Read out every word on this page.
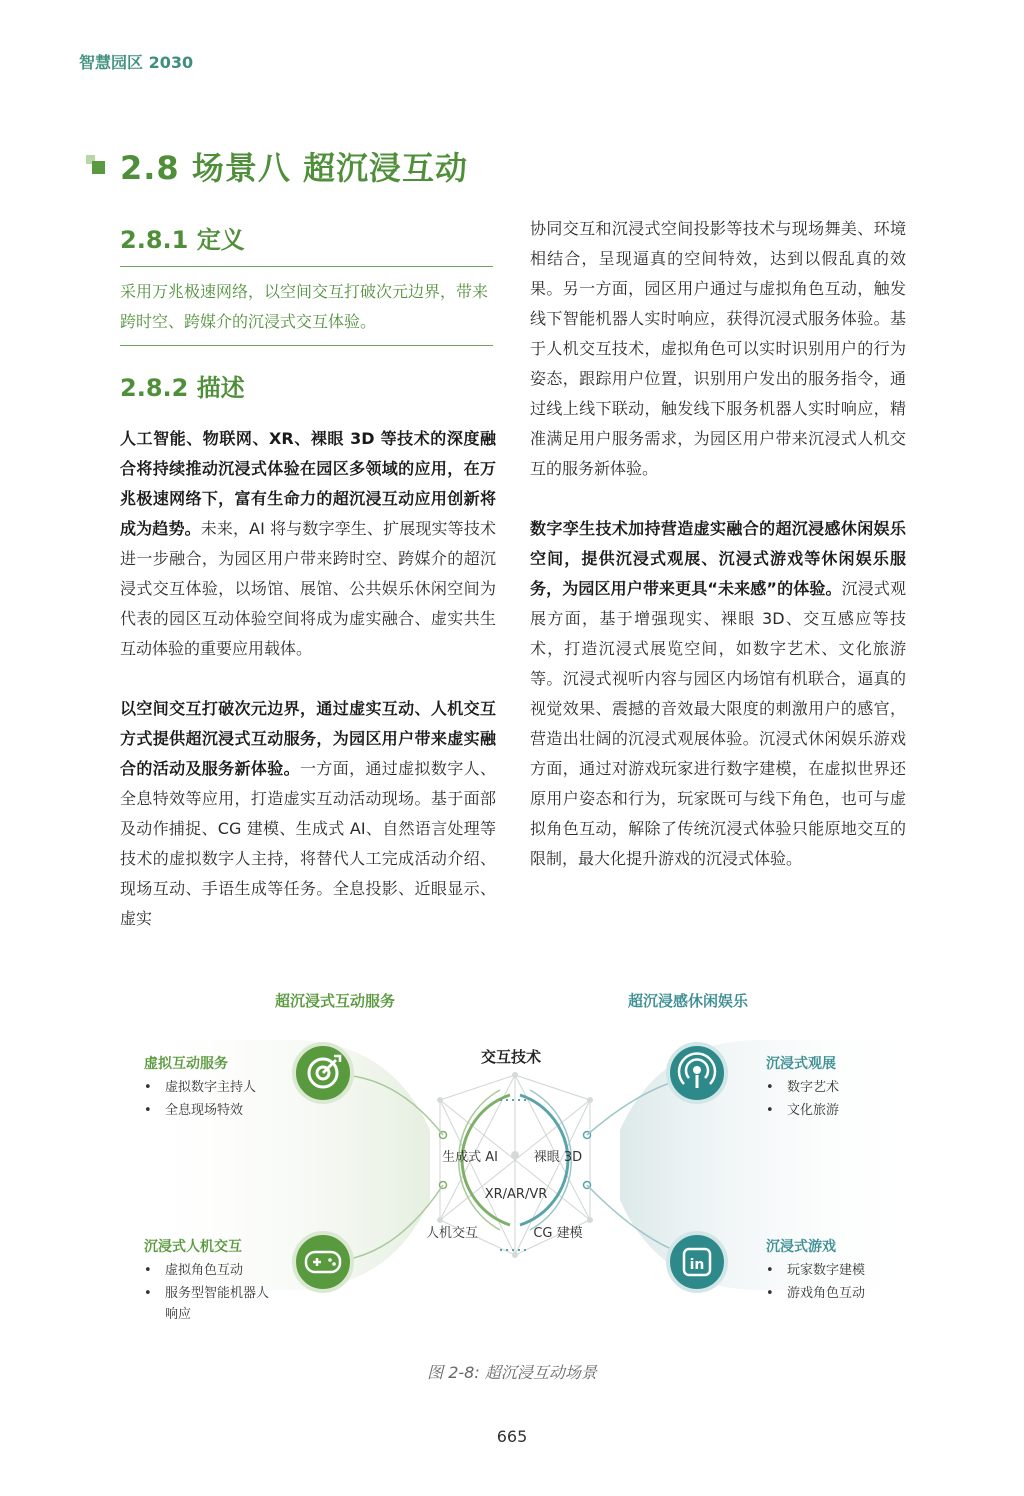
智慧园区 2030
2.8 场景八 超沉浸互动
2.8.1 定义
采用万兆极速网络，以空间交互打破次元边界，带来跨时空、跨媒介的沉浸式交互体验。
2.8.2 描述

人工智能、物联网、XR、裸眼 3D 等技术的深度融合将持续推动沉浸式体验在园区多领域的应用，在万兆极速网络下，富有生命力的超沉浸互动应用创新将成为趋势。未来，AI 将与数字孪生、扩展现实等技术进一步融合，为园区用户带来跨时空、跨媒介的超沉浸式交互体验，以场馆、展馆、公共娱乐休闲空间为代表的园区互动体验空间将成为虚实融合、虚实共生互动体验的重要应用载体。

以空间交互打破次元边界，通过虚实互动、人机交互方式提供超沉浸式互动服务，为园区用户带来虚实融合的活动及服务新体验。一方面，通过虚拟数字人、全息特效等应用，打造虚实互动活动现场。基于面部及动作捕捉、CG 建模、生成式 AI、自然语言处理等技术的虚拟数字人主持，将替代人工完成活动介绍、现场互动、手语生成等任务。全息投影、近眼显示、虚实

协同交互和沉浸式空间投影等技术与现场舞美、环境相结合，呈现逼真的空间特效，达到以假乱真的效果。另一方面，园区用户通过与虚拟角色互动，触发线下智能机器人实时响应，获得沉浸式服务体验。基于人机交互技术，虚拟角色可以实时识别用户的行为姿态，跟踪用户位置，识别用户发出的服务指令，通过线上线下联动，触发线下服务机器人实时响应，精准满足用户服务需求，为园区用户带来沉浸式人机交互的服务新体验。

数字孪生技术加持营造虚实融合的超沉浸感休闲娱乐空间，提供沉浸式观展、沉浸式游戏等休闲娱乐服务，为园区用户带来更具“未来感”的体验。沉浸式观展方面，基于增强现实、裸眼 3D、交互感应等技术，打造沉浸式展览空间，如数字艺术、文化旅游等。沉浸式视听内容与园区内场馆有机联合，逼真的视觉效果、震撼的音效最大限度的刺激用户的感官，营造出壮阔的沉浸式观展体验。沉浸式休闲娱乐游戏方面，通过对游戏玩家进行数字建模，在虚拟世界还原用户姿态和行为，玩家既可与线下角色，也可与虚拟角色互动，解除了传统沉浸式体验只能原地交互的限制，最大化提升游戏的沉浸式体验。

超沉浸式互动服务	超沉浸感休闲娱乐
交互技术
生成式 AI	裸眼 3D
XR/AR/VR
人机交互	CG 建模
in
虚拟互动服务
• 虚拟数字主持人
• 全息现场特效
沉浸式人机交互
• 虚拟角色互动
• 服务型智能机器人
响应
沉浸式观展
• 数字艺术
• 文化旅游
沉浸式游戏
• 玩家数字建模
• 游戏角色互动
图 2-8: 超沉浸互动场景
665
